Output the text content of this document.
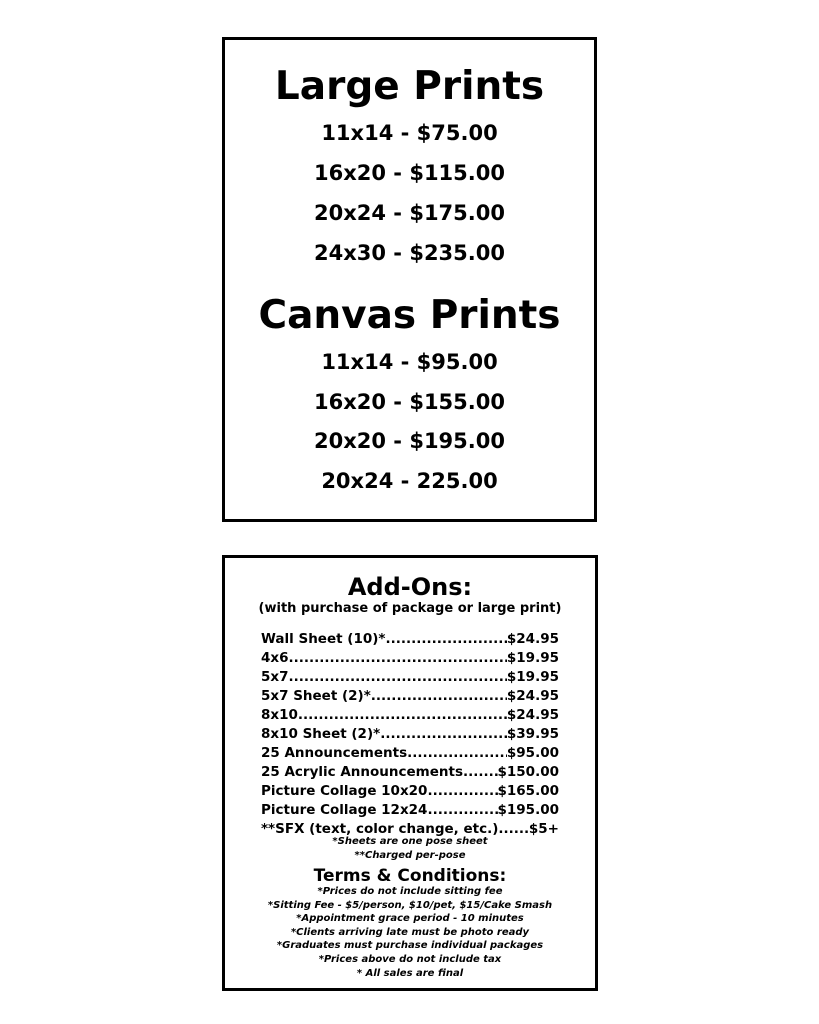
Large Prints
11x14 - $75.00
16x20 - $115.00
20x24 - $175.00
24x30 - $235.00
Canvas Prints
11x14 - $95.00
16x20 - $155.00
20x20 - $195.00
20x24 - 225.00
Add-Ons:
(with purchase of package or large print)
Wall Sheet (10)* .....	$24.95
4x6 .....	$19.95
5x7 .....	$19.95
5x7 Sheet (2)* .....	$24.95
8x10 .....	$24.95
8x10 Sheet (2)* .....	$39.95
25 Announcements .....	$95.00
25 Acrylic Announcements .....	$150.00
Picture Collage 10x20 .....	$165.00
Picture Collage 12x24 .....	$195.00
**SFX (text, color change, etc.) ..... $5+
*Sheets are one pose sheet
**Charged per-pose
Terms & Conditions:
*Prices do not include sitting fee
*Sitting Fee - $5/person, $10/pet, $15/Cake Smash
*Appointment grace period - 10 minutes
*Clients arriving late must be photo ready
*Graduates must purchase individual packages
*Prices above do not include tax
* All sales are final
